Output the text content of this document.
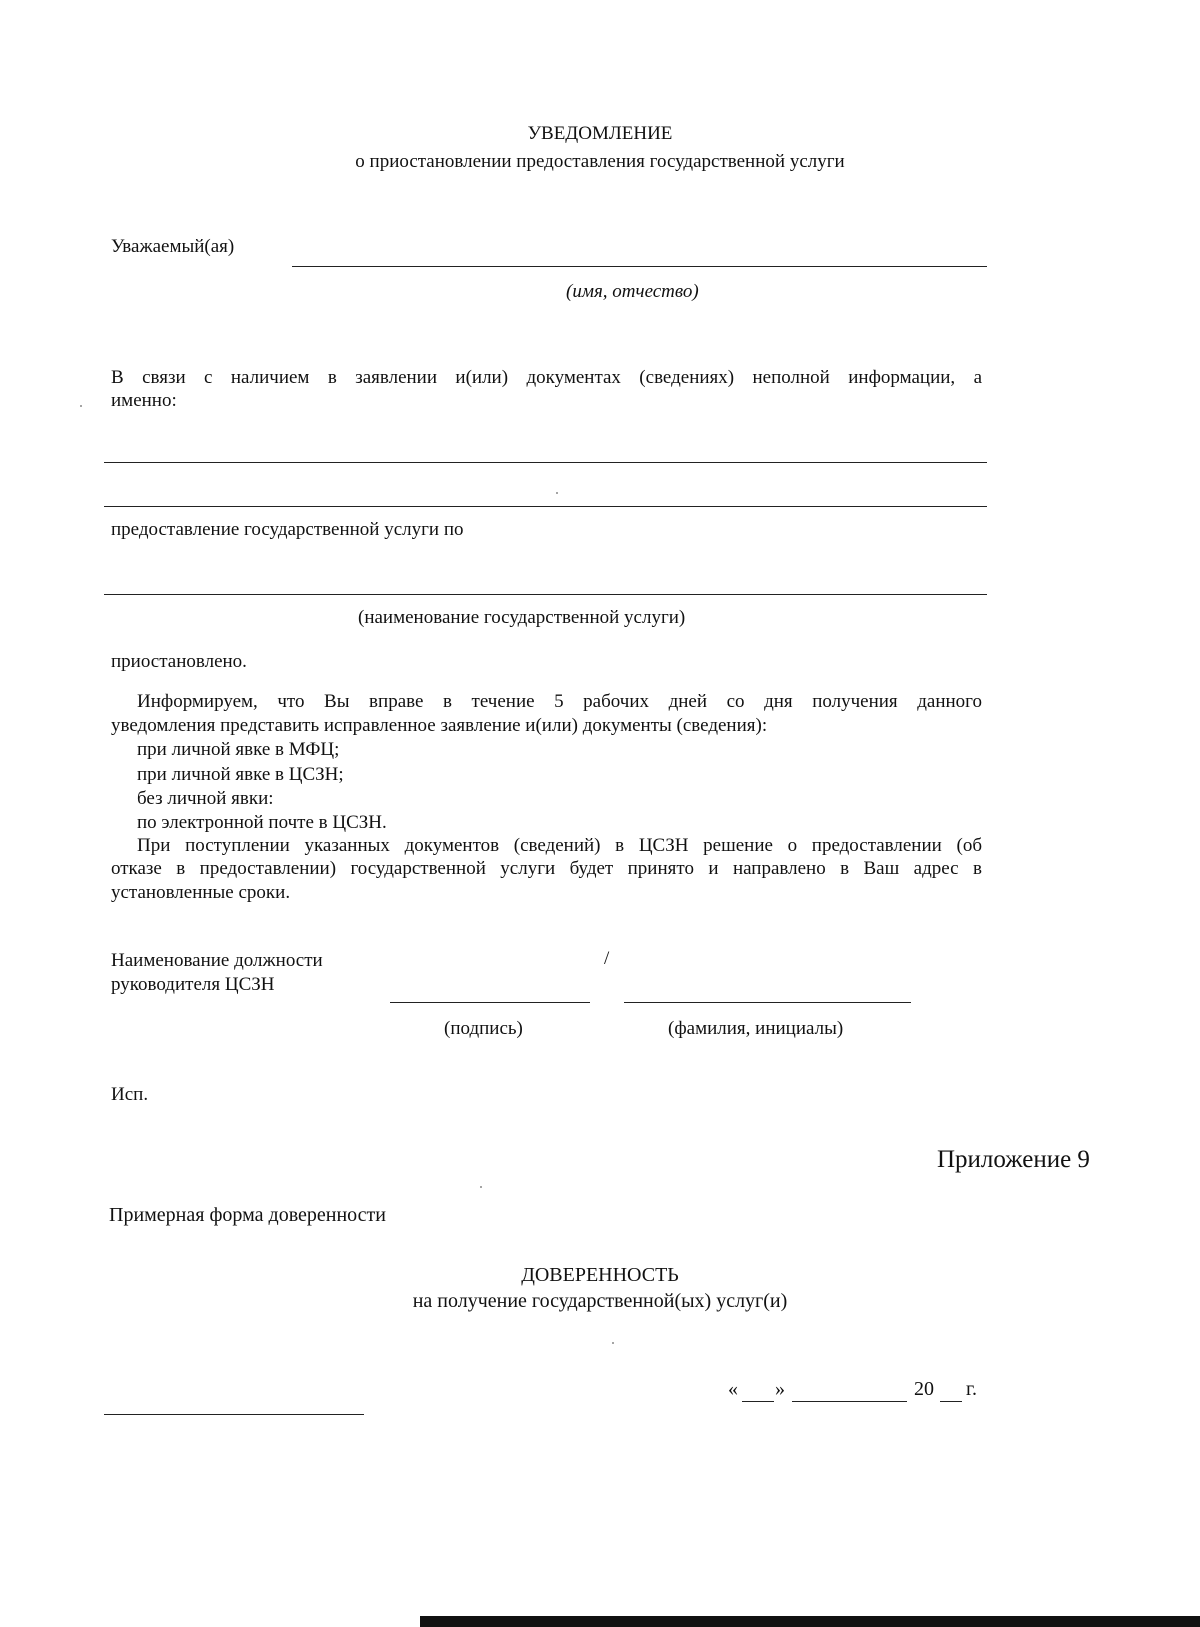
УВЕДОМЛЕНИЕ
о приостановлении предоставления государственной услуги
Уважаемый(ая)
(имя, отчество)
В связи с наличием в заявлении и(или) документах (сведениях) неполной информации, а
именно:
предоставление государственной услуги по
(наименование государственной услуги)
приостановлено.
Информируем, что Вы вправе в течение 5 рабочих дней со дня получения данного
уведомления представить исправленное заявление и(или) документы (сведения):
при личной явке в МФЦ;
при личной явке в ЦСЗН;
без личной явки:
по электронной почте в ЦСЗН.
При поступлении указанных документов (сведений) в ЦСЗН решение о предоставлении (об
отказе в предоставлении) государственной услуги будет принято и направлено в Ваш адрес в
установленные сроки.
Наименование должности
руководителя ЦСЗН
/
(подпись)	(фамилия, инициалы)
Исп.
Приложение 9
Примерная форма доверенности
ДОВЕРЕННОСТЬ
на получение государственной(ых) услуг(и)
« »	20 г.
